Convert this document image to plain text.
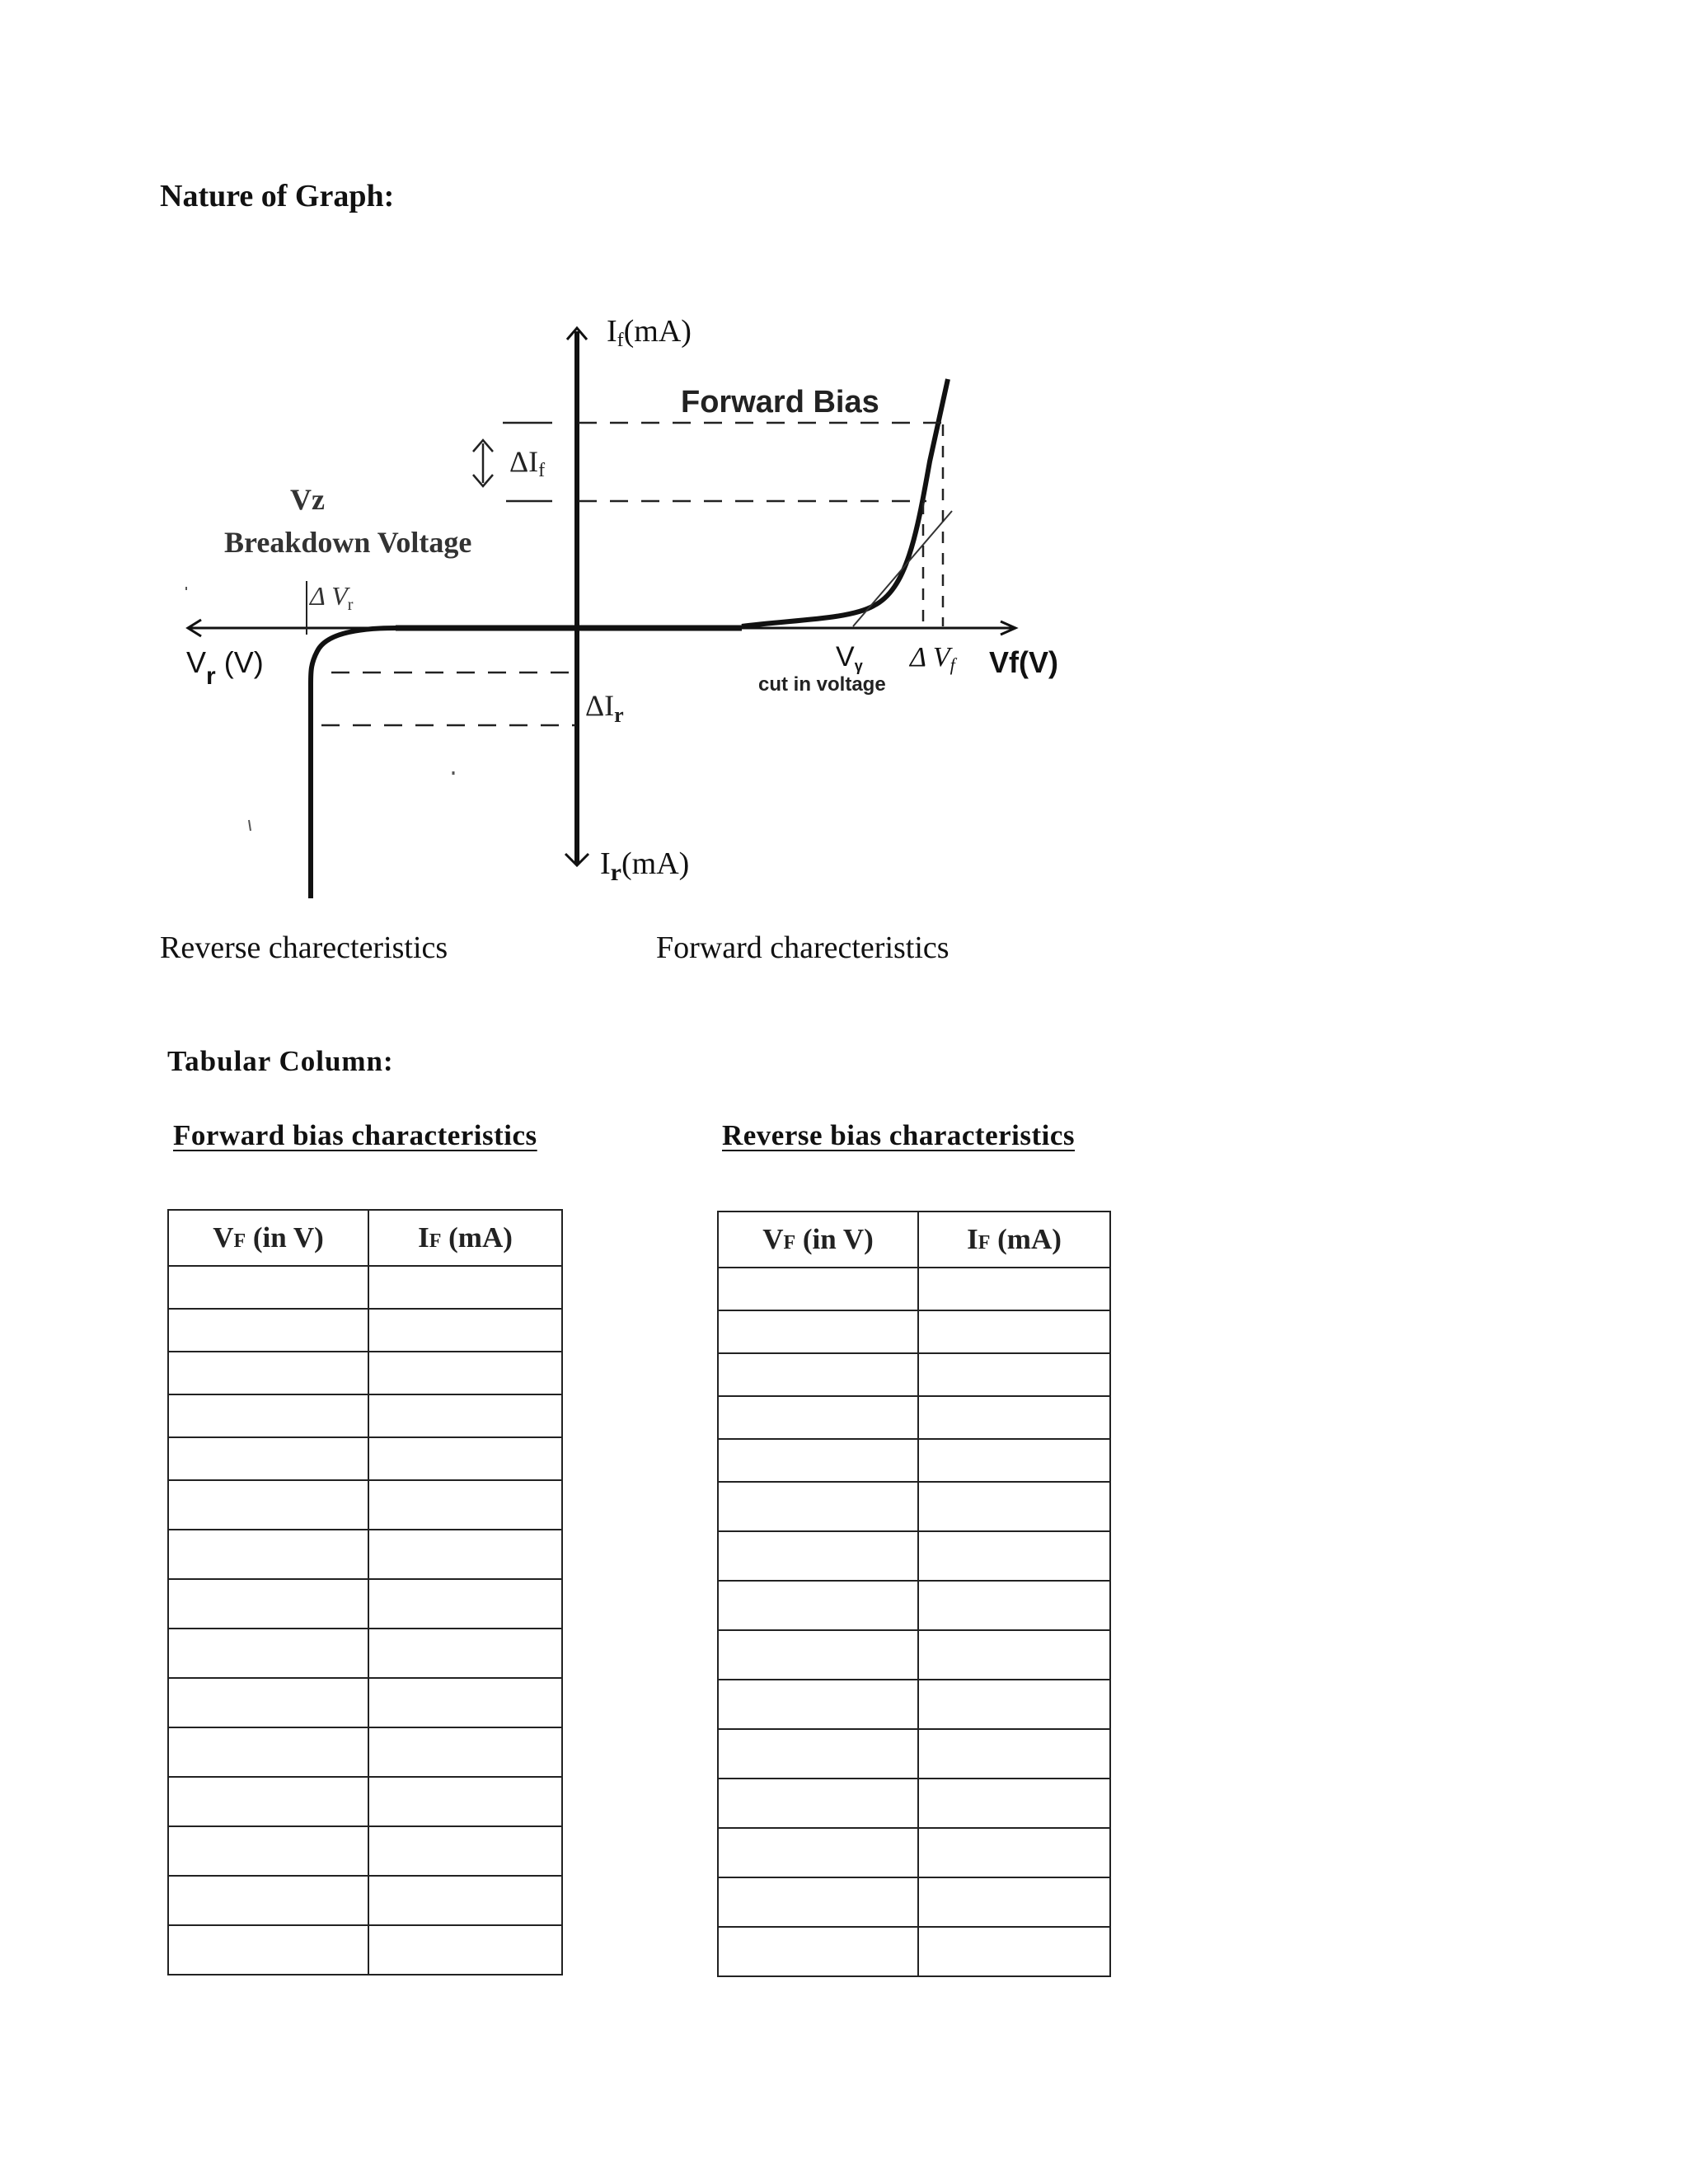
Nature of Graph:
If(mA)
$I_r(mA)$
Forward Bias
ΔIf
Vz
Breakdown Voltage
Δ Vr
$V_r$ (V)
$\Delta I_r$
Vγ
cut in voltage
Δ Vf Vf(V)
Reverse charecteristics	Forward charecteristics
Tabular Column:
Forward bias characteristics	Reverse bias characteristics
VF (in V)	IF (mA)

		VF (in V)	IF (mA)
